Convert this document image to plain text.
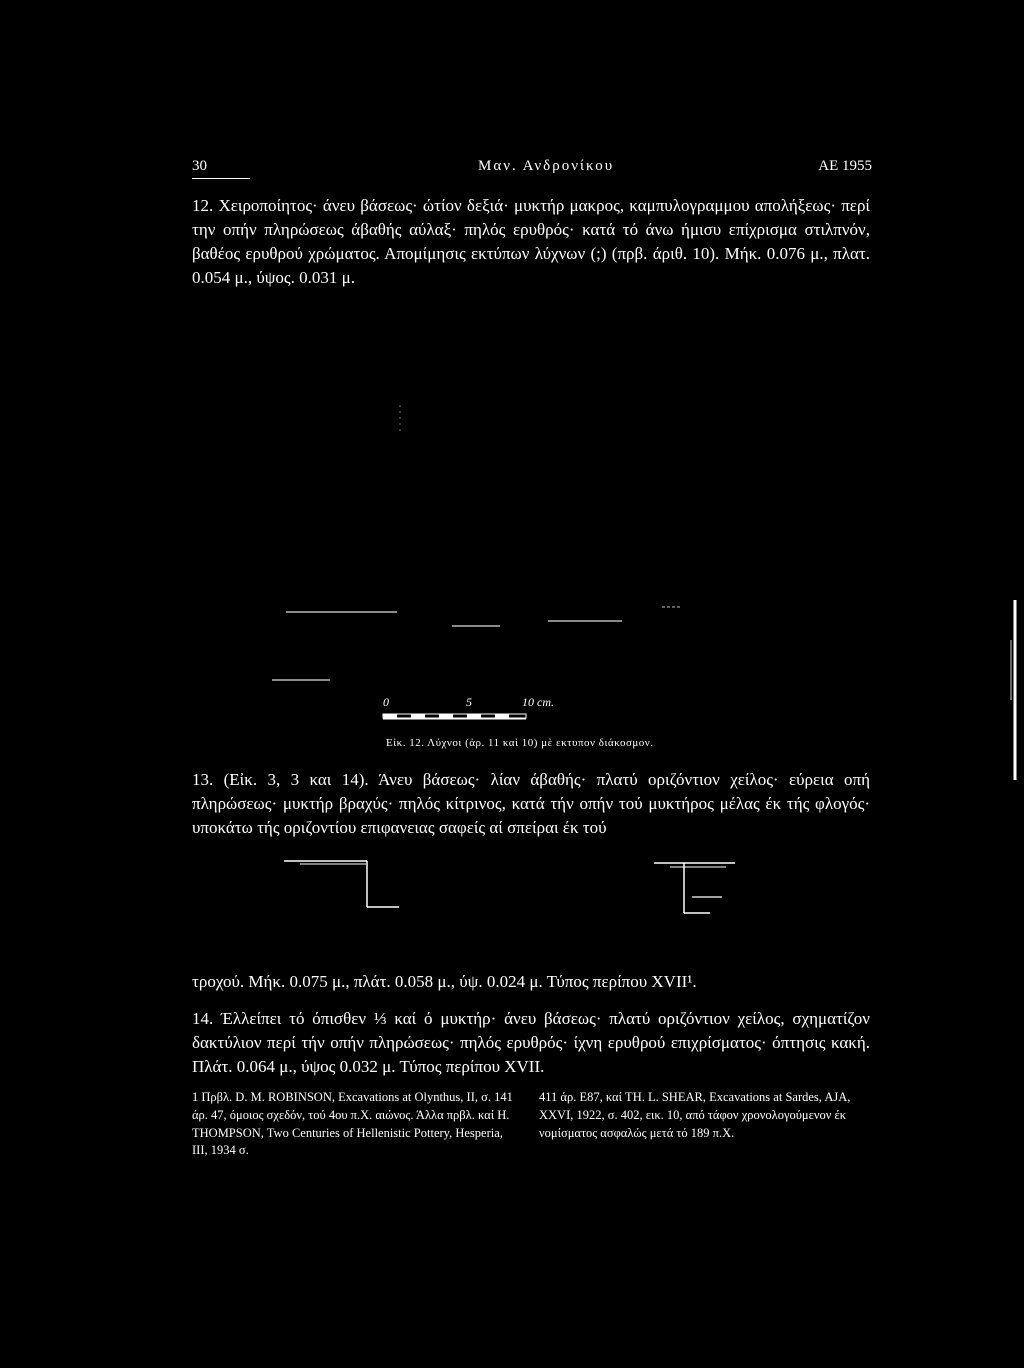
30	Μαν. Ανδρονίκου	ΑΕ 1955
12. Χειροποίητος· άνευ βάσεως· ώτίον δεξιά· μυκτήρ μακρος, καμπυλογραμμου απολήξεως· περί την οπήν πληρώσεως άβαθής αύλαξ· πηλός ερυθρός· κατά τό άνω ήμισυ επίχρισμα στιλπνόν, βαθέος ερυθρού χρώματος. Απομίμησις εκτύπων λύχνων (;) (πρβ. άριθ. 10). Μήκ. 0.076 μ., πλατ. 0.054 μ., ύψος. 0.031 μ.
0	5	10 cm.
Εἰκ. 12. Λύχνοι (ἀρ. 11 καὶ 10) μὲ εκτυπον διάκοσμον.
13. (Εἰκ. 3, 3 και 14). Άνευ βάσεως· λίαν άβαθής· πλατύ οριζόντιον χείλος· εύρεια οπή πληρώσεως· μυκτήρ βραχύς· πηλός κίτρινος, κατά τήν οπήν τού μυκτήρος μέλας έκ τής φλογός· υποκάτω τής οριζοντίου επιφανειας σαφείς αί σπείραι έκ τού
τροχού. Μήκ. 0.075 μ., πλάτ. 0.058 μ., ύψ. 0.024 μ. Τύπος περίπου XVII¹.
14. Έλλείπει τό όπισθεν ⅓ καί ό μυκτήρ· άνευ βάσεως· πλατύ οριζόντιον χείλος, σχηματίζον δακτύλιον περί τήν οπήν πληρώσεως· πηλός ερυθρός· ίχνη ερυθρού επιχρίσματος· όπτησις κακή. Πλάτ. 0.064 μ., ύψος 0.032 μ. Τύπος περίπου XVII.
1 Πρβλ. D. M. ROBINSON, Excavations at Olynthus, II, σ. 141 άρ. 47, όμοιος σχεδόν, τού 4ου π.Χ. αιώνος. Άλλα πρβλ. καί H. THOMPSON, Two Centuries of Hellenistic Pottery, Hesperia, III, 1934 σ.
411 άρ. E87, καί TH. L. SHEAR, Excavations at Sardes, AJA, XXVI, 1922, σ. 402, εικ. 10, από τάφον χρονολογούμενον έκ νομίσματος ασφαλώς μετά τό 189 π.Χ.
